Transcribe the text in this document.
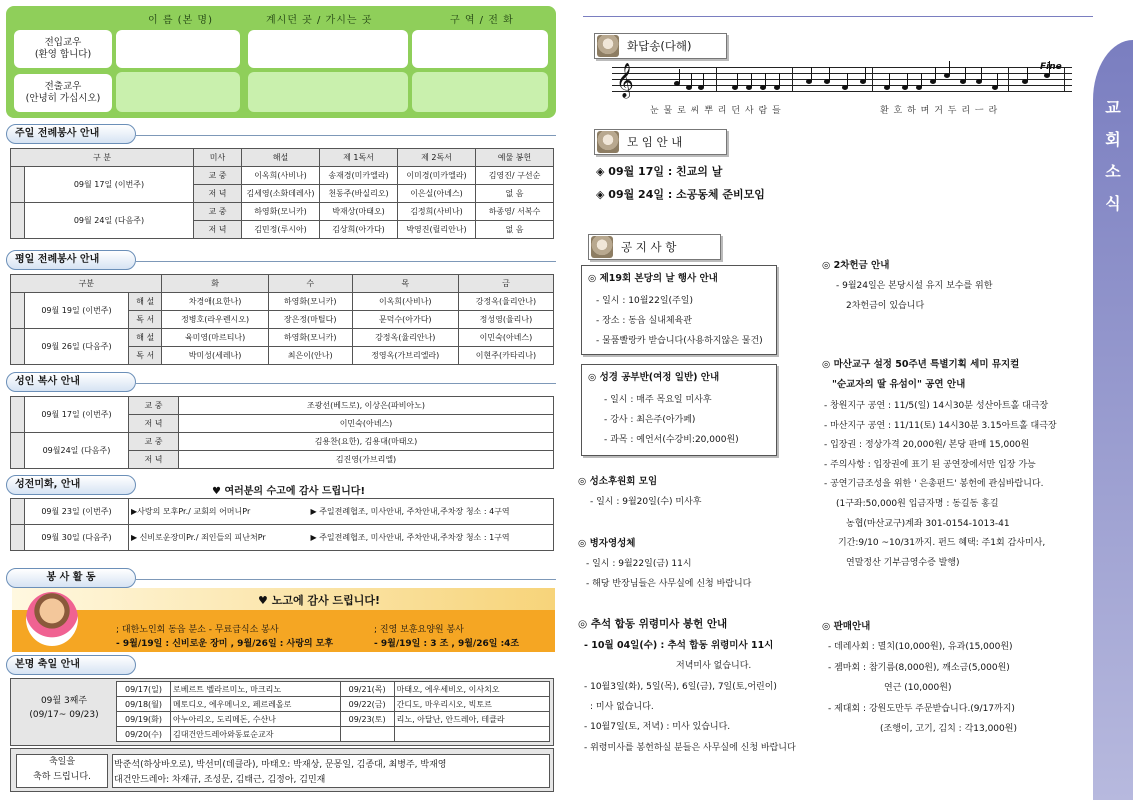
이 름 (본 명)	계시던 곳 / 가시는 곳	구 역 / 전 화
전입교우
(환영 합니다)
전출교우
(안녕히 가십시오)
주일 전례봉사 안내
구 분		미사	해설	제 1독서	제 2독서	예물 봉헌
	09월 17일 (이번주)	교 중	이옥희(사비나)	송재경(미카엘라)	이미경(미카엘라)	김영진/ 구선순
		저 녁	김세영(소화데레사)	천동주(바실리오)	이은실(아녜스)	없 음
	09월 24일 (다음주)	교 중	하영화(모니카)	박재상(마태오)	김정희(사비나)	하종영/ 서복수
		저 녁	김민정(루시아)	김상희(아가다)	박영진(릴리안나)	없 음
평일 전례봉사 안내
구분			화	수	목	금
	09월 19일 (이번주)	해 설	차경애(요한나)	하영화(모니카)	이옥희(사비나)	강정옥(율리안나)
		독 서	정병호(라우렌시오)	장은정(마틸다)	문덕수(아가다)	정성영(율리나)
	09월 26일 (다음주)	해 설	육미영(마르티나)	하영화(모니카)	강정옥(율리안나)	이민숙(아녜스)
		독 서	박미성(세레나)	최은이(안나)	정영옥(가브리엘라)	이현주(카타리나)
성인 복사 안내
	09월 17일 (이번주)	교 중	조광선(베드로), 이상은(파비아노)
		저 녁	이민숙(아녜스)
	09월24일 (다음주)	교 중	김용찬(요한), 김용대(마태오)
		저 녁	김진영(가브리엘)
성전미화, 안내
♥ 여러분의 수고에 감사 드립니다!
	09월 23일 (이번주)	▶사랑의 모후Pr./ 교회의 어머니Pr	▶ 주일전례협조, 미사안내, 주차안내,주차장 청소 : 4구역
	09월 30일 (다음주)	▶ 신비로운장미Pr./ 죄인들의 피난처Pr	▶ 주일전례협조, 미사안내, 주차안내,주차장 청소 : 1구역
봉 사 활 동
♥ 노고에 감사 드립니다!
; 대한노인회 동읍 분소 - 무료급식소 봉사
- 9월/19일 : 신비로운 장미 , 9월/26일 : 사랑의 모후
; 진영 보훈요양원 봉사
- 9월/19일 : 3 조 , 9월/26일 :4조
본명 축일 안내
09월 3째주
(09/17~ 09/23)
09/17(일)	로베르트 벨라르미노, 마크리노	09/21(목)	마태오, 에우세비오, 이사치오
09/18(월)	메토디오, 에우메니오, 페르레올로	09/22(금)	간디도, 마우리시오, 빅토르
09/19(화)	아누아리오, 도리메돈, 수산나	09/23(토)	리노, 아달난, 안드레아, 테클라
09/20(수)	김대건안드레아와동료순교자		
축일을
축하 드립니다.
박준석(하상바오로), 박선미(데클라), 마태오: 박재상, 문몽일, 김종대, 최병주, 박재영
대건안드레아: 차재규, 조성문, 김태근, 김정아, 김민재
교
회
소
식
화답송(다해)
𝄞	Fine
눈 물 로 씨 뿌 리 던 사 람 들	환 호 하 며 거 두 리 ㅡ 라
모 임 안 내
◈ 09월 17일 : 친교의 날
◈ 09월 24일 : 소공동체 준비모임
공 지 사 항
◎ 제19회 본당의 날 행사 안내
- 일시 : 10월22일(주일)
- 장소 : 동읍 실내체육관
- 물품빨랑카 받습니다(사용하지않은 물건)
◎ 성경 공부반(여정 일반) 안내
- 일시 : 매주 목요일 미사후
- 강사 : 최은주(아가페)
- 과목 : 예언서(수강비:20,000원)
◎ 성소후원회 모임
- 일시 : 9월20일(수) 미사후
◎ 병자영성체
- 일시 : 9월22일(금) 11시
- 해당 반장님들은 사무실에 신청 바랍니다
◎ 추석 합동 위령미사 봉헌 안내
- 10월 04일(수) : 추석 합동 위령미사 11시
저녁미사 없습니다.
- 10월3일(화), 5일(목), 6일(금), 7일(토,어린이)
: 미사 없습니다.
- 10월7일(토, 저녁) : 미사 있습니다.
- 위령미사를 봉헌하실 분들은 사무실에 신청 바랍니다
◎ 2차헌금 안내
- 9월24일은 본당시설 유지 보수를 위한
2차헌금이 있습니다
◎ 마산교구 설정 50주년 특별기획 세미 뮤지컬
"순교자의 딸 유섬이" 공연 안내
- 창원지구 공연 : 11/5(일) 14시30분 성산아트홀 대극장
- 마산지구 공연 : 11/11(토) 14시30분 3.15아트홀 대극장
- 입장권 : 정상가격 20,000원/ 본당 판매 15,000원
- 주의사항 : 입장권에 표기 된 공연장에서만 입장 가능
- 공연기금조성을 위한 ' 은총펀드' 봉헌에 관심바랍니다.
(1구좌:50,000원 입금자명 : 동길동 홍길
농협(마산교구)계좌 301-0154-1013-41
기간:9/10 ~10/31까지. 펀드 혜택: 주1회 감사미사,
연말정산 기부금영수증 발행)
◎ 판매안내
- 데레사회 : 멸치(10,000원), 유과(15,000원)
- 젬마회 : 참기름(8,000원), 깨소금(5,000원)
연근 (10,000원)
- 제대회 : 강원도만두 주문받습니다.(9/17까지)
(조행이, 고기, 김치 : 각13,000원)
